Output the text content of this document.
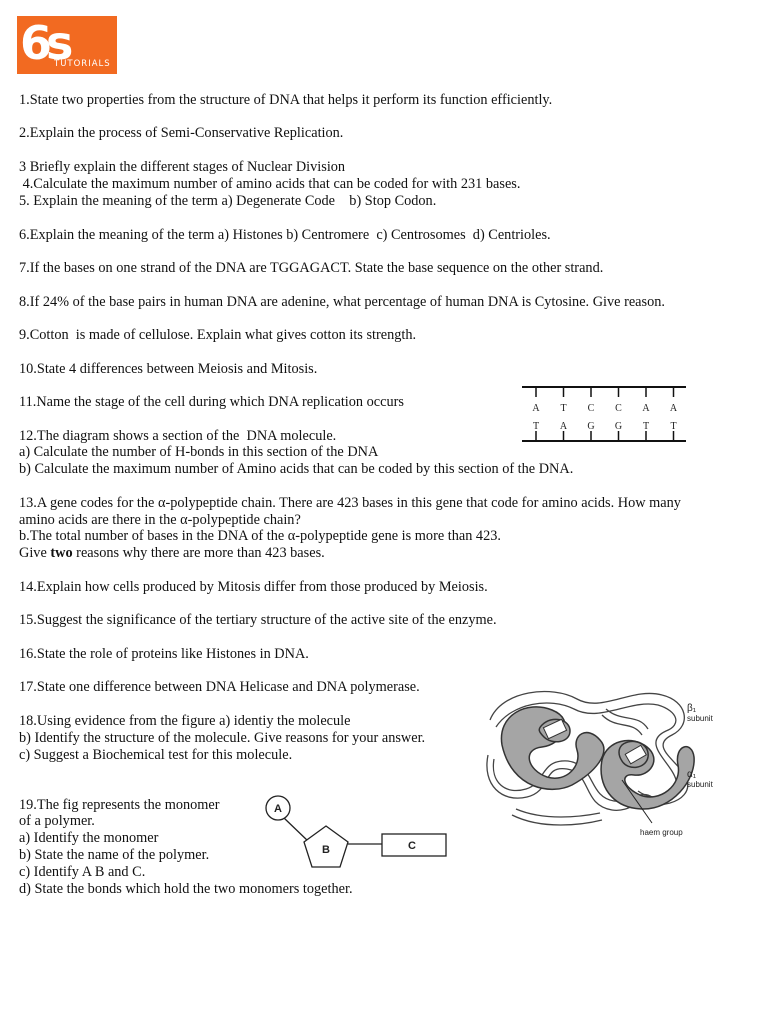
6s
TUTORIALS
1.State two properties from the structure of DNA that helps it perform its function efficiently.
2.Explain the process of Semi-Conservative Replication.
3 Briefly explain the different stages of Nuclear Division
4.Calculate the maximum number of amino acids that can be coded for with 231 bases.
5. Explain the meaning of the term a) Degenerate Code    b) Stop Codon.
6.Explain the meaning of the term a) Histones b) Centromere  c) Centrosomes  d) Centrioles.
7.If the bases on one strand of the DNA are TGGAGACT. State the base sequence on the other strand.
8.If 24% of the base pairs in human DNA are adenine, what percentage of human DNA is Cytosine. Give reason.
9.Cotton  is made of cellulose. Explain what gives cotton its strength.
10.State 4 differences between Meiosis and Mitosis.
11.Name the stage of the cell during which DNA replication occurs
12.The diagram shows a section of the  DNA molecule.
a) Calculate the number of H-bonds in this section of the DNA
b) Calculate the maximum number of Amino acids that can be coded by this section of the DNA.
13.A gene codes for the α-polypeptide chain. There are 423 bases in this gene that code for amino acids. How many
amino acids are there in the α-polypeptide chain?
b.The total number of bases in the DNA of the α-polypeptide gene is more than 423.
Give two reasons why there are more than 423 bases.
14.Explain how cells produced by Mitosis differ from those produced by Meiosis.
15.Suggest the significance of the tertiary structure of the active site of the enzyme.
16.State the role of proteins like Histones in DNA.
17.State one difference between DNA Helicase and DNA polymerase.
18.Using evidence from the figure a) identiy the molecule
b) Identify the structure of the molecule. Give reasons for your answer.
c) Suggest a Biochemical test for this molecule.
19.The fig represents the monomer
of a polymer.
a) Identify the monomer
b) State the name of the polymer.
c) Identify A B and C.
d) State the bonds which hold the two monomers together.
A T C C A A
T A G G T T
β₁
subunit
α₁
subunit
haem group
A
B	C
